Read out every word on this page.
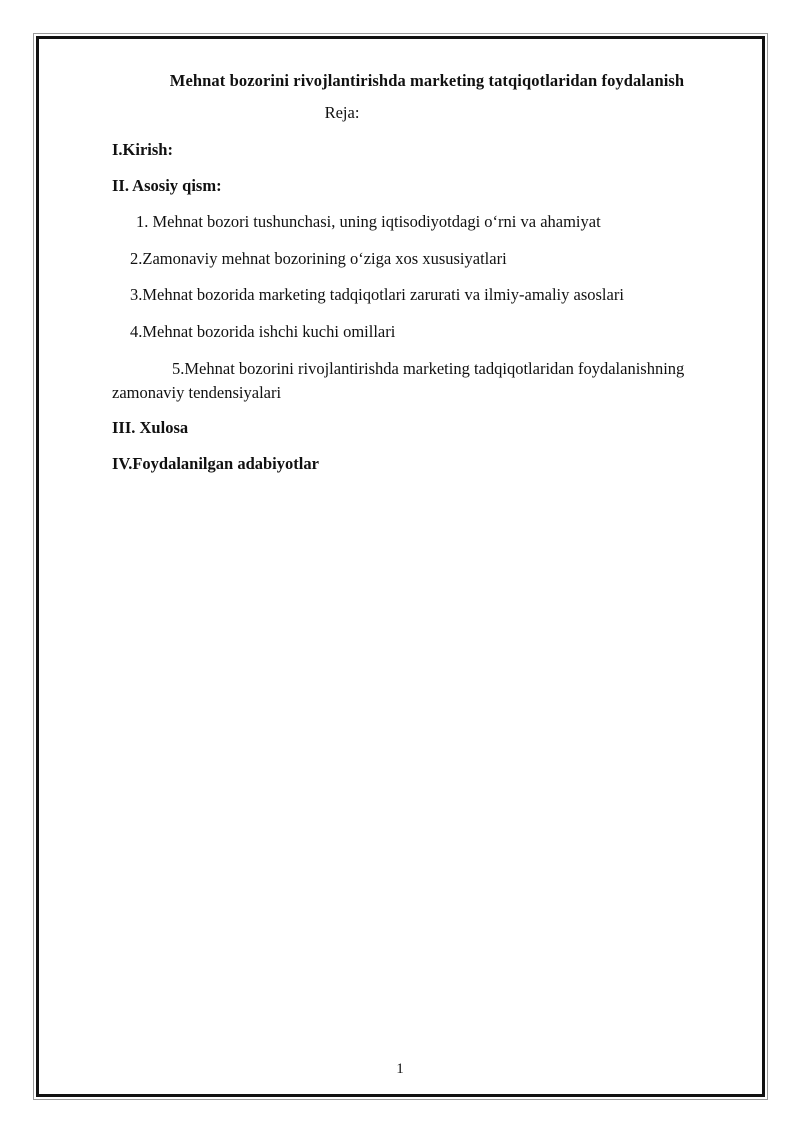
Mehnat bozorini rivojlantirishda marketing tatqiqotlaridan foydalanish

Reja:

I.Kirish:

II. Asosiy qism:

1. Mehnat bozori tushunchasi, uning iqtisodiyotdagi o‘rni va ahamiyat

2.Zamonaviy mehnat bozorining o‘ziga xos xususiyatlari

3.Mehnat bozorida marketing tadqiqotlari zarurati va ilmiy-amaliy asoslari

4.Mehnat bozorida ishchi kuchi omillari

5.Mehnat bozorini rivojlantirishda marketing tadqiqotlaridan foydalanishningzamonaviy tendensiyalari

III. Xulosa

IV.Foydalanilgan adabiyotlar

1
